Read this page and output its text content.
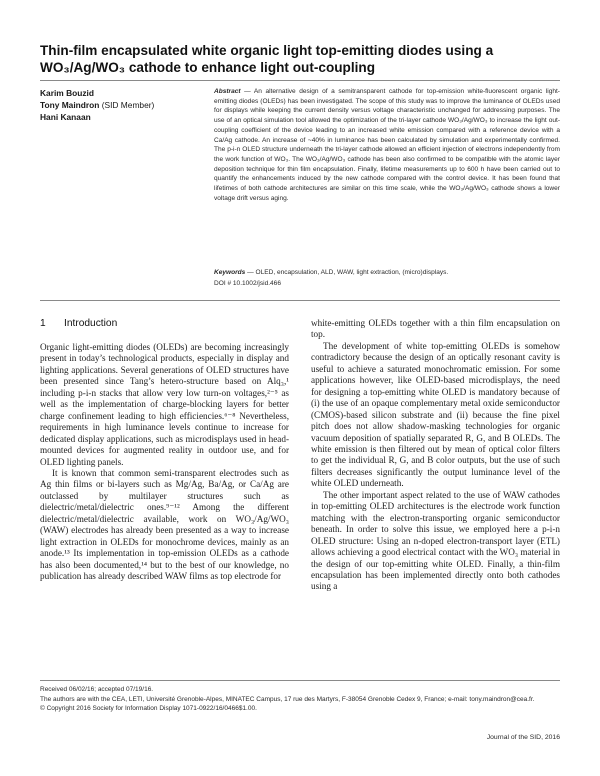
Thin-film encapsulated white organic light top-emitting diodes using a WO₃/Ag/WO₃ cathode to enhance light out-coupling
Karim Bouzid
Tony Maindron (SID Member)
Hani Kanaan
Abstract — An alternative design of a semitransparent cathode for top-emission white-fluorescent organic light-emitting diodes (OLEDs) has been investigated. The scope of this study was to improve the luminance of OLEDs used for displays while keeping the current density versus voltage characteristic unchanged for addressing purposes. The use of an optical simulation tool allowed the optimization of the tri-layer cathode WO₃/Ag/WO₃ to increase the light out-coupling coefficient of the device leading to an increased white emission compared with a reference device with a Ca/Ag cathode. An increase of ~40% in luminance has been calculated by simulation and experimentally confirmed. The p-i-n OLED structure underneath the tri-layer cathode allowed an efficient injection of electrons independently from the work function of WO₃. The WO₃/Ag/WO₃ cathode has been also confirmed to be compatible with the atomic layer deposition technique for thin film encapsulation. Finally, lifetime measurements up to 600 h have been carried out to quantify the enhancements induced by the new cathode compared with the control device. It has been found that lifetimes of both cathode architectures are similar on this time scale, while the WO₃/Ag/WO₃ cathode shows a lower voltage drift versus aging.
Keywords — OLED, encapsulation, ALD, WAW, light extraction, (micro)displays.
DOI # 10.1002/jsid.466
1 Introduction

Organic light-emitting diodes (OLEDs) are becoming increasingly present in today’s technological products, especially in display and lighting applications. Several generations of OLED structures have been presented since Tang’s hetero-structure based on Alq₃,¹ including p-i-n stacks that allow very low turn-on voltages,²⁻⁵ as well as the implementation of charge-blocking layers for better charge confinement leading to high efficiencies.⁶⁻⁸ Nevertheless, requirements in high luminance levels continue to increase for dedicated display applications, such as microdisplays used in head-mounted devices for augmented reality in outdoor use, and for OLED lighting panels.

It is known that common semi-transparent electrodes such as Ag thin films or bi-layers such as Mg/Ag, Ba/Ag, or Ca/Ag are outclassed by multilayer structures such as dielectric/metal/dielectric ones.⁹⁻¹² Among the different dielectric/metal/dielectric available, work on WO₃/Ag/WO₃ (WAW) electrodes has already been presented as a way to increase light extraction in OLEDs for monochrome devices, mainly as an anode.¹³ Its implementation in top-emission OLEDs as a cathode has also been documented,¹⁴ but to the best of our knowledge, no publication has already described WAW films as top electrode for

white-emitting OLEDs together with a thin film encapsulation on top.

The development of white top-emitting OLEDs is somehow contradictory because the design of an optically resonant cavity is useful to achieve a saturated monochromatic emission. For some applications however, like OLED-based microdisplays, the need for designing a top-emitting white OLED is mandatory because of (i) the use of an opaque complementary metal oxide semiconductor (CMOS)-based silicon substrate and (ii) because the fine pixel pitch does not allow shadow-masking technologies for organic vacuum deposition of spatially separated R, G, and B OLEDs. The white emission is then filtered out by mean of optical color filters to get the individual R, G, and B color outputs, but the use of such filters decreases significantly the output luminance level of the white OLED underneath.

The other important aspect related to the use of WAW cathodes in top-emitting OLED architectures is the electrode work function matching with the electron-transporting organic semiconductor beneath. In order to solve this issue, we employed here a p-i-n OLED structure: Using an n-doped electron-transport layer (ETL) allows achieving a good electrical contact with the WO₃ material in the design of our top-emitting white OLED. Finally, a thin-film encapsulation has been implemented directly onto both cathodes using a

Received 06/02/16; accepted 07/19/16.
The authors are with the CEA, LETI, Université Grenoble-Alpes, MINATEC Campus, 17 rue des Martyrs, F-38054 Grenoble Cedex 9, France; e-mail: tony.maindron@cea.fr.
© Copyright 2016 Society for Information Display 1071-0922/16/0466$1.00.
Journal of the SID, 2016
